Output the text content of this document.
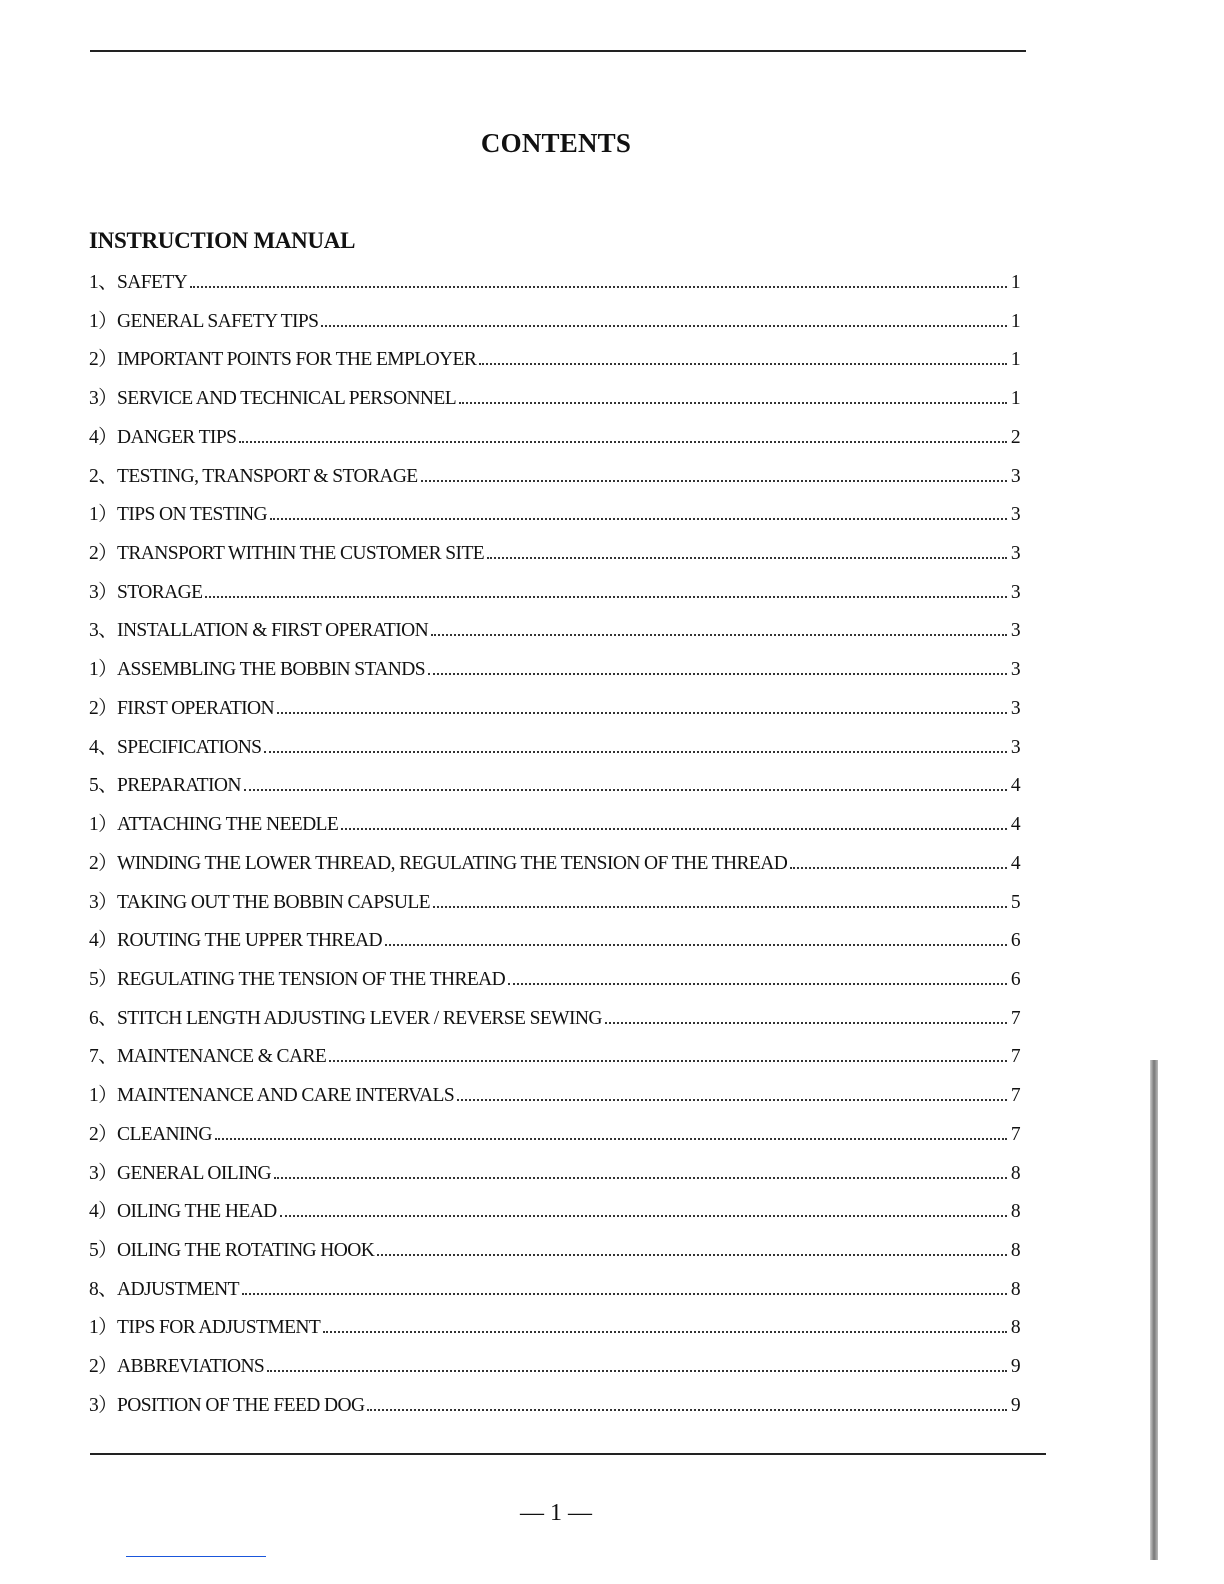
CONTENTS
INSTRUCTION MANUAL
1、SAFETY	1
1）GENERAL SAFETY TIPS	1
2）IMPORTANT POINTS FOR THE EMPLOYER	1
3）SERVICE AND TECHNICAL PERSONNEL	1
4）DANGER TIPS	2
2、TESTING, TRANSPORT & STORAGE	3
1）TIPS ON TESTING	3
2）TRANSPORT WITHIN THE CUSTOMER SITE	3
3）STORAGE	3
3、INSTALLATION & FIRST OPERATION	3
1）ASSEMBLING THE BOBBIN STANDS	3
2）FIRST OPERATION	3
4、SPECIFICATIONS	3
5、PREPARATION	4
1）ATTACHING THE NEEDLE	4
2）WINDING THE LOWER THREAD, REGULATING THE TENSION OF THE THREAD	4
3）TAKING OUT THE BOBBIN CAPSULE	5
4）ROUTING THE UPPER THREAD	6
5）REGULATING THE TENSION OF THE THREAD	6
6、STITCH LENGTH ADJUSTING LEVER / REVERSE SEWING	7
7、MAINTENANCE & CARE	7
1）MAINTENANCE AND CARE INTERVALS	7
2）CLEANING	7
3）GENERAL OILING	8
4）OILING THE HEAD	8
5）OILING THE ROTATING HOOK	8
8、ADJUSTMENT	8
1）TIPS FOR ADJUSTMENT	8
2）ABBREVIATIONS	9
3）POSITION OF THE FEED DOG	9
— 1 —
